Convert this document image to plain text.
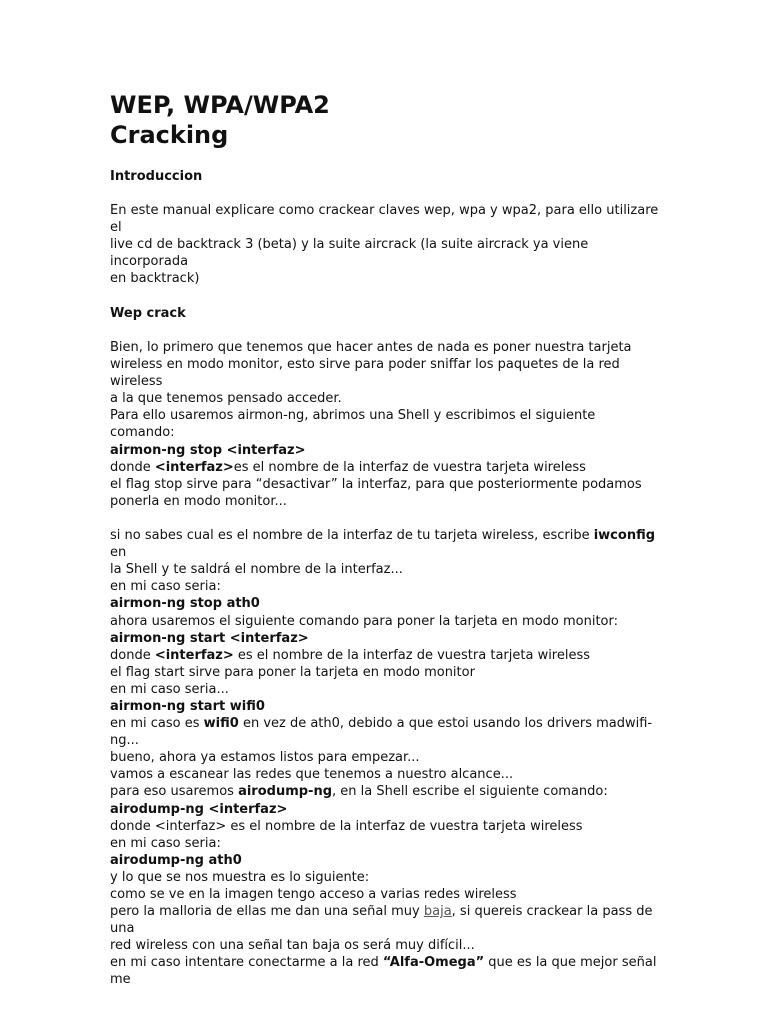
WEP, WPA/WPA2
Cracking
Introduccion
En este manual explicare como crackear claves wep, wpa y wpa2, para ello utilizare
el
live cd de backtrack 3 (beta) y la suite aircrack (la suite aircrack ya viene
incorporada
en backtrack)
Wep crack
Bien, lo primero que tenemos que hacer antes de nada es poner nuestra tarjeta
wireless en modo monitor, esto sirve para poder sniffar los paquetes de la red
wireless
a la que tenemos pensado acceder.
Para ello usaremos airmon-ng, abrimos una Shell y escribimos el siguiente
comando:
airmon-ng stop <interfaz>
donde <interfaz>es el nombre de la interfaz de vuestra tarjeta wireless
el flag stop sirve para “desactivar” la interfaz, para que posteriormente podamos
ponerla en modo monitor...

si no sabes cual es el nombre de la interfaz de tu tarjeta wireless, escribe iwconfig
en
la Shell y te saldrá el nombre de la interfaz...
en mi caso seria:
airmon-ng stop ath0
ahora usaremos el siguiente comando para poner la tarjeta en modo monitor:
airmon-ng start <interfaz>
donde <interfaz> es el nombre de la interfaz de vuestra tarjeta wireless
el flag start sirve para poner la tarjeta en modo monitor
en mi caso seria...
airmon-ng start wifi0
en mi caso es wifi0 en vez de ath0, debido a que estoi usando los drivers madwifi-
ng...
bueno, ahora ya estamos listos para empezar...
vamos a escanear las redes que tenemos a nuestro alcance...
para eso usaremos airodump-ng, en la Shell escribe el siguiente comando:
airodump-ng <interfaz>
donde <interfaz> es el nombre de la interfaz de vuestra tarjeta wireless
en mi caso seria:
airodump-ng ath0
y lo que se nos muestra es lo siguiente:
como se ve en la imagen tengo acceso a varias redes wireless
pero la malloria de ellas me dan una señal muy baja, si quereis crackear la pass de
una
red wireless con una señal tan baja os será muy difícil...
en mi caso intentare conectarme a la red “Alfa-Omega” que es la que mejor señal
me
